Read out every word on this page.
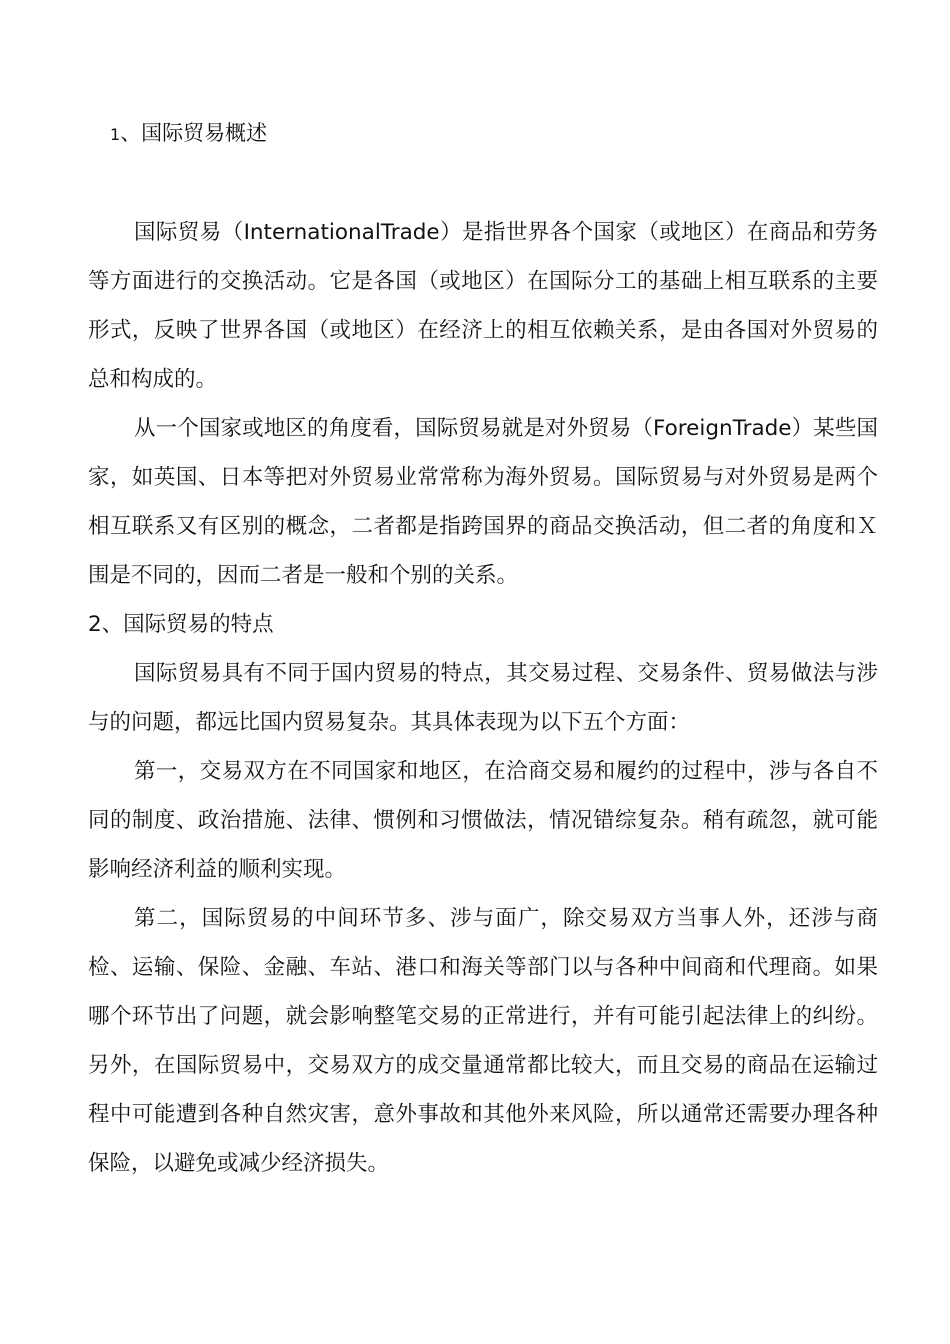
1、国际贸易概述

国际贸易（InternationalTrade）是指世界各个国家（或地区）在商品和劳务等方面进行的交换活动。它是各国（或地区）在国际分工的基础上相互联系的主要形式，反映了世界各国（或地区）在经济上的相互依赖关系，是由各国对外贸易的总和构成的。

从一个国家或地区的角度看，国际贸易就是对外贸易（ForeignTrade）某些国家，如英国、日本等把对外贸易业常常称为海外贸易。国际贸易与对外贸易是两个相互联系又有区别的概念，二者都是指跨国界的商品交换活动，但二者的角度和Ｘ围是不同的，因而二者是一般和个别的关系。

2、国际贸易的特点

国际贸易具有不同于国内贸易的特点，其交易过程、交易条件、贸易做法与涉与的问题，都远比国内贸易复杂。其具体表现为以下五个方面：

第一，交易双方在不同国家和地区，在洽商交易和履约的过程中，涉与各自不同的制度、政治措施、法律、惯例和习惯做法，情况错综复杂。稍有疏忽，就可能影响经济利益的顺利实现。

第二，国际贸易的中间环节多、涉与面广，除交易双方当事人外，还涉与商检、运输、保险、金融、车站、港口和海关等部门以与各种中间商和代理商。如果哪个环节出了问题，就会影响整笔交易的正常进行，并有可能引起法律上的纠纷。另外，在国际贸易中，交易双方的成交量通常都比较大，而且交易的商品在运输过程中可能遭到各种自然灾害，意外事故和其他外来风险，所以通常还需要办理各种保险，以避免或减少经济损失。
